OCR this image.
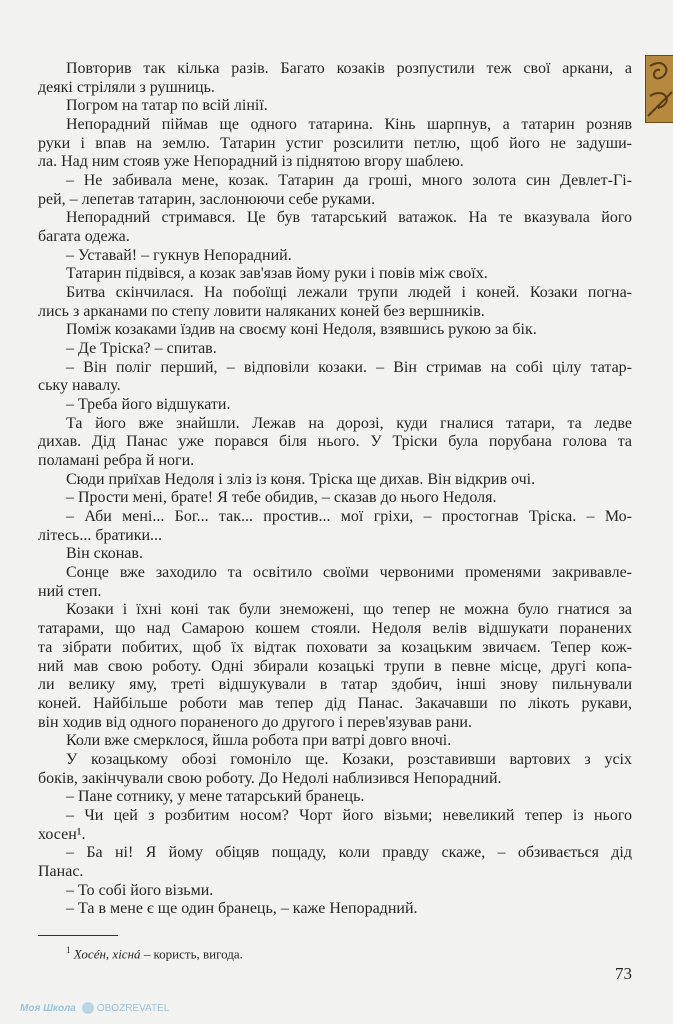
Моя Школа OBOZREVATEL
Повторив так кілька разів. Багато козаків розпустили теж свої аркани, а
деякі стріляли з рушниць.
Погром на татар по всій лінії.
Непорадний піймав ще одного татарина. Кінь шарпнув, а татарин розняв
руки і впав на землю. Татарин устиг розсилити петлю, щоб його не задуши-
ла. Над ним стояв уже Непорадний із піднятою вгору шаблею.
– Не забивала мене, козак. Татарин да гроші, много золота син Девлет-Гі-
рей, – лепетав татарин, заслонюючи себе руками.
Непорадний стримався. Це був татарський ватажок. На те вказувала його
багата одежа.
– Уставай! – гукнув Непорадний.
Татарин підвівся, а козак зав'язав йому руки і повів між своїх.
Битва скінчилася. На побоїщі лежали трупи людей і коней. Козаки погна-
лись з арканами по степу ловити наляканих коней без вершників.
Поміж козаками їздив на своєму коні Недоля, взявшись рукою за бік.
– Де Тріска? – спитав.
– Він поліг перший, – відповіли козаки. – Він стримав на собі цілу татар-
ську навалу.
– Треба його відшукати.
Та його вже знайшли. Лежав на дорозі, куди гналися татари, та ледве
дихав. Дід Панас уже порався біля нього. У Тріски була порубана голова та
поламані ребра й ноги.
Сюди приїхав Недоля і зліз із коня. Тріска ще дихав. Він відкрив очі.
– Прости мені, брате! Я тебе обидив, – сказав до нього Недоля.
– Аби мені... Бог... так... простив... мої гріхи, – простогнав Тріска. – Мо-
літесь... братики...
Він сконав.
Сонце вже заходило та освітило своїми червоними променями закривавле-
ний степ.
Козаки і їхні коні так були знеможені, що тепер не можна було гнатися за
татарами, що над Самарою кошем стояли. Недоля велів відшукати поранених
та зібрати побитих, щоб їх відтак поховати за козацьким звичаєм. Тепер кож-
ний мав свою роботу. Одні збирали козацькі трупи в певне місце, другі копа-
ли велику яму, треті відшукували в татар здобич, інші знову пильнували
коней. Найбільше роботи мав тепер дід Панас. Закачавши по лікоть рукави,
він ходив від одного пораненого до другого і перев'язував рани.
Коли вже смерклося, йшла робота при ватрі довго вночі.
У козацькому обозі гомоніло ще. Козаки, розставивши вартових з усіх
боків, закінчували свою роботу. До Недолі наблизився Непорадний.
– Пане сотнику, у мене татарський бранець.
– Чи цей з розбитим носом? Чорт його візьми; невеликий тепер із нього
хосен¹.
– Ба ні! Я йому обіцяв пощаду, коли правду скаже, – обзивається дід
Панас.
– То собі його візьми.
– Та в мене є ще один бранець, – каже Непорадний.
$^1$ Хосéн, хіснá – користь, вигода.
73
